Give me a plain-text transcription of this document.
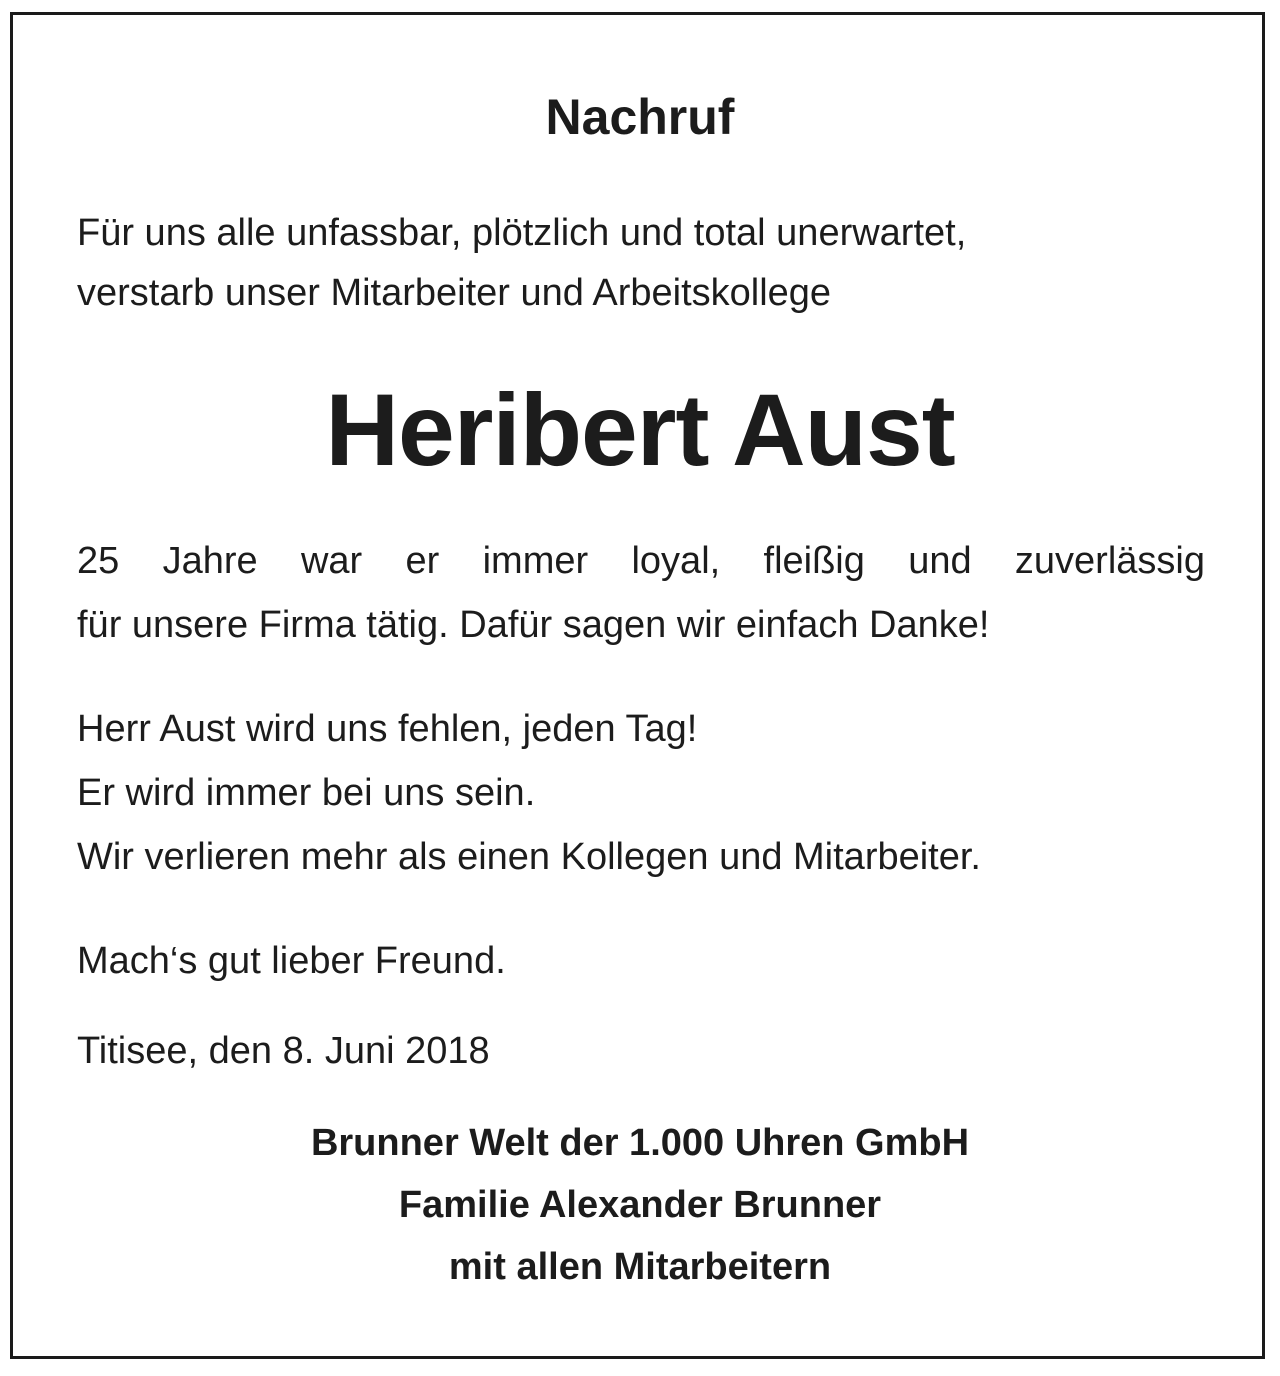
Nachruf

Für uns alle unfassbar, plötzlich und total unerwartet,

verstarb unser Mitarbeiter und Arbeitskollege

Heribert Aust

25 Jahre war er immer loyal, fleißig und zuverlässig

für unsere Firma tätig. Dafür sagen wir einfach Danke!

Herr Aust wird uns fehlen, jeden Tag!

Er wird immer bei uns sein.

Wir verlieren mehr als einen Kollegen und Mitarbeiter.

Mach‘s gut lieber Freund.

Titisee, den 8. Juni 2018

Brunner Welt der 1.000 Uhren GmbH

Familie Alexander Brunner

mit allen Mitarbeitern
